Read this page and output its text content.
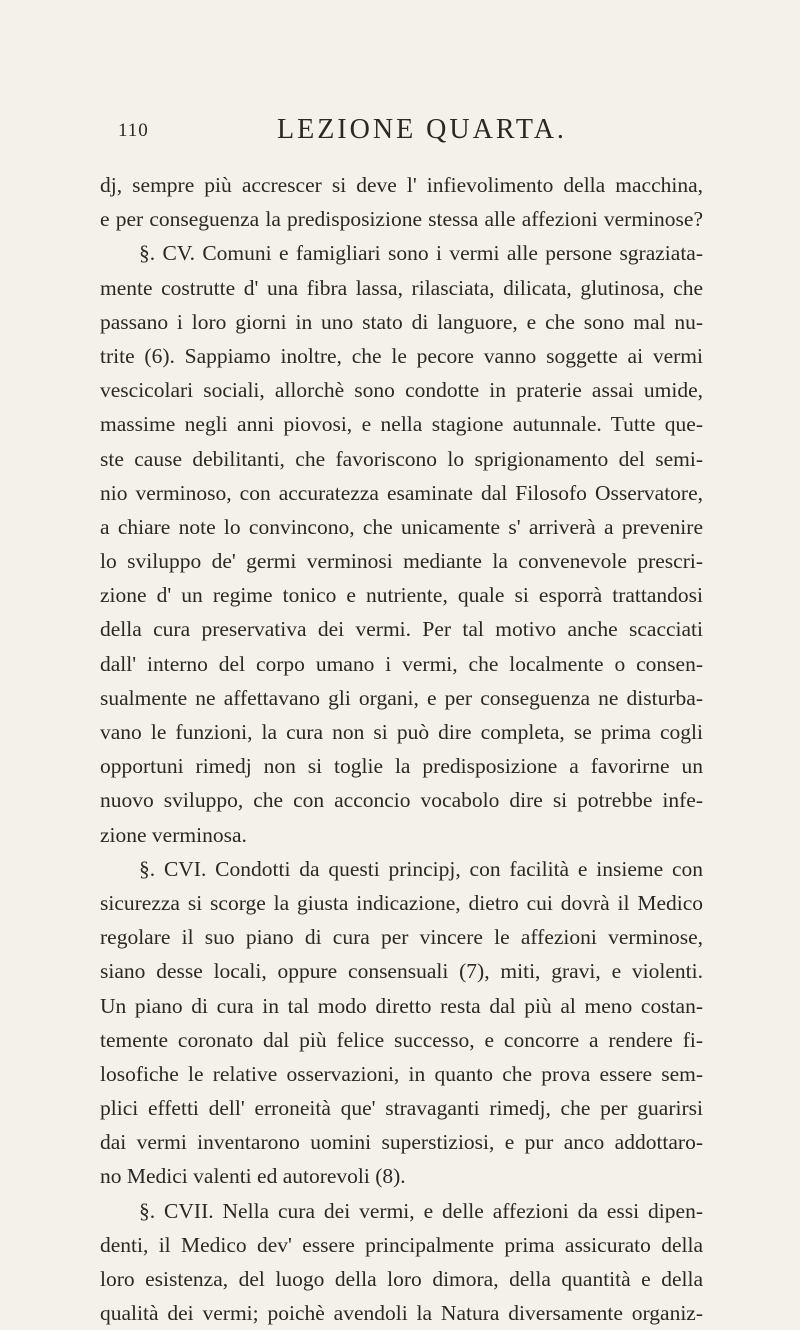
110	LEZIONE QUARTA.
dj, sempre più accrescer si deve l' infievolimento della macchina,
e per conseguenza la predisposizione stessa alle affezioni verminose?
§. CV. Comuni e famigliari sono i vermi alle persone sgraziata-
mente costrutte d' una fibra lassa, rilasciata, dilicata, glutinosa, che
passano i loro giorni in uno stato di languore, e che sono mal nu-
trite (6). Sappiamo inoltre, che le pecore vanno soggette ai vermi
vescicolari sociali, allorchè sono condotte in praterie assai umide,
massime negli anni piovosi, e nella stagione autunnale. Tutte que-
ste cause debilitanti, che favoriscono lo sprigionamento del semi-
nio verminoso, con accuratezza esaminate dal Filosofo Osservatore,
a chiare note lo convincono, che unicamente s' arriverà a prevenire
lo sviluppo de' germi verminosi mediante la convenevole prescri-
zione d' un regime tonico e nutriente, quale si esporrà trattandosi
della cura preservativa dei vermi. Per tal motivo anche scacciati
dall' interno del corpo umano i vermi, che localmente o consen-
sualmente ne affettavano gli organi, e per conseguenza ne disturba-
vano le funzioni, la cura non si può dire completa, se prima cogli
opportuni rimedj non si toglie la predisposizione a favorirne un
nuovo sviluppo, che con acconcio vocabolo dire si potrebbe infe-
zione verminosa.
§. CVI. Condotti da questi principj, con facilità e insieme con
sicurezza si scorge la giusta indicazione, dietro cui dovrà il Medico
regolare il suo piano di cura per vincere le affezioni verminose,
siano desse locali, oppure consensuali (7), miti, gravi, e violenti.
Un piano di cura in tal modo diretto resta dal più al meno costan-
temente coronato dal più felice successo, e concorre a rendere fi-
losofiche le relative osservazioni, in quanto che prova essere sem-
plici effetti dell' erroneità que' stravaganti rimedj, che per guarirsi
dai vermi inventarono uomini superstiziosi, e pur anco addottaro-
no Medici valenti ed autorevoli (8).
§. CVII. Nella cura dei vermi, e delle affezioni da essi dipen-
denti, il Medico dev' essere principalmente prima assicurato della
loro esistenza, del luogo della loro dimora, della quantità e della
qualità dei vermi; poichè avendoli la Natura diversamente organiz-
